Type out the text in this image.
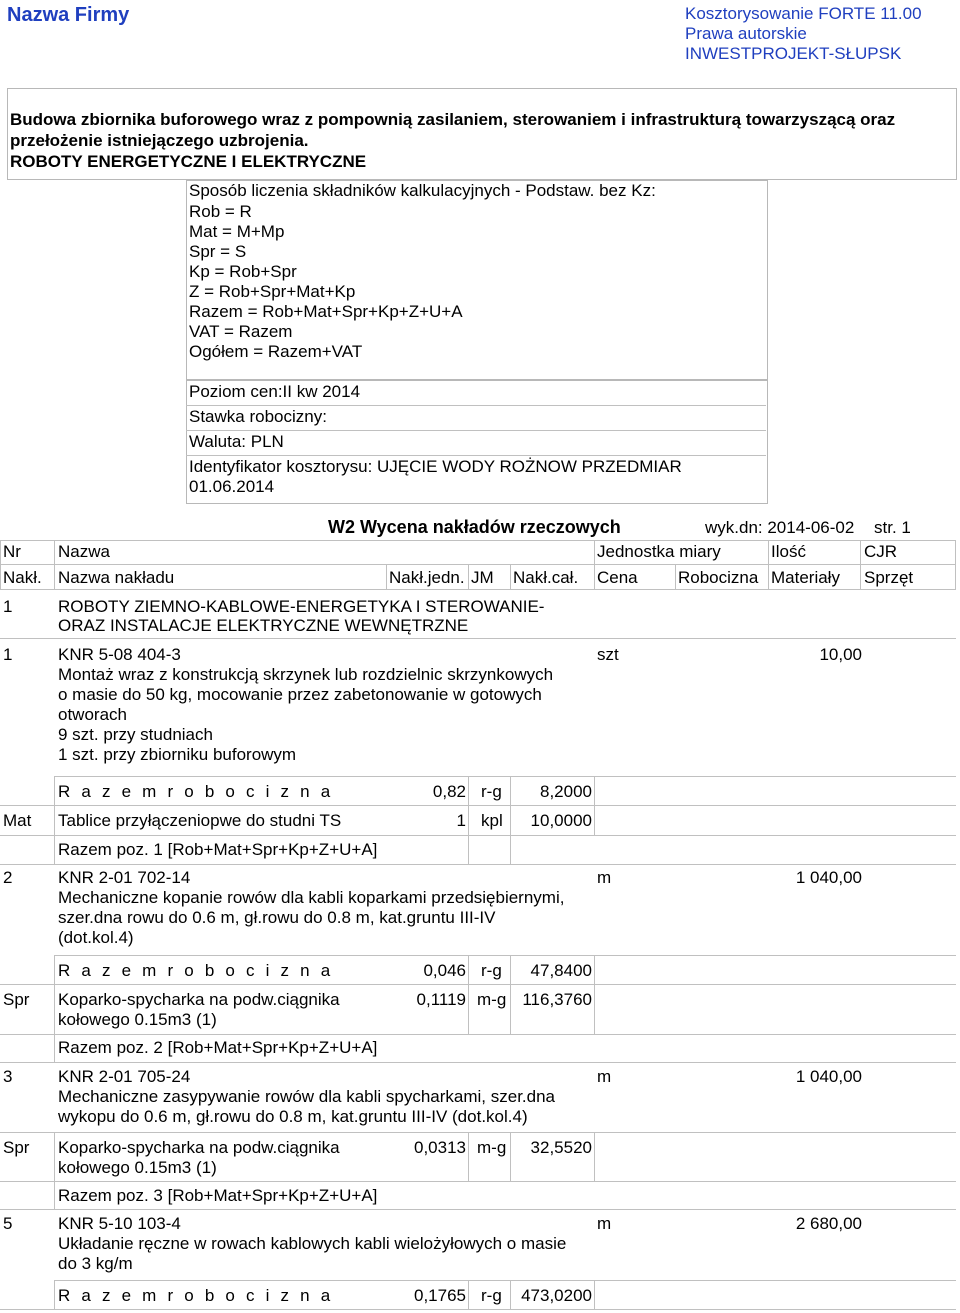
Nazwa Firmy	Kosztorysowanie FORTE 11.00
Prawa autorskie
INWESTPROJEKT-SŁUPSK
Budowa zbiornika buforowego wraz z pompownią zasilaniem, sterowaniem i infrastrukturą towarzyszącą oraz
przełożenie istniejączego uzbrojenia.
ROBOTY ENERGETYCZNE I ELEKTRYCZNE
Sposób liczenia składników kalkulacyjnych - Podstaw. bez Kz:
Rob = R
Mat = M+Mp
Spr = S
Kp = Rob+Spr
Z = Rob+Spr+Mat+Kp
Razem = Rob+Mat+Spr+Kp+Z+U+A
VAT = Razem
Ogółem = Razem+VAT
Poziom cen:II kw 2014
Stawka robocizny:
Waluta: PLN
Identyfikator kosztorysu: UJĘCIE WODY ROŻNOW PRZEDMIAR
01.06.2014
W2 Wycena nakładów rzeczowych	wyk.dn: 2014-06-02 str. 1
Nr Nazwa	Jednostka miary	Ilość	CJR
Nakł. Nazwa nakładu	Nakł.jedn. JM Nakł.cał. Cena Robocizna Materiały Sprzęt
1	ROBOTY ZIEMNO-KABLOWE-ENERGETYKA I STEROWANIE-
ORAZ INSTALACJE ELEKTRYCZNE WEWNĘTRZNE
1	KNR 5-08 404-3	szt	10,00
Montaż wraz z konstrukcją skrzynek lub rozdzielnic skrzynkowych
o masie do 50 kg, mocowanie przez zabetonowanie w gotowych
otworach
9 szt. przy studniach
1 szt. przy zbiorniku buforowym
R a z e m r o b o c i z n a	0,82 r-g	8,2000
Mat Tablice przyłączeniopwe do studni TS	1 kpl	10,0000
Razem poz. 1 [Rob+Mat+Spr+Kp+Z+U+A]
2	KNR 2-01 702-14	m	1 040,00
Mechaniczne kopanie rowów dla kabli koparkami przedsiębiernymi,
szer.dna rowu do 0.6 m, gł.rowu do 0.8 m, kat.gruntu III-IV
(dot.kol.4)
R a z e m r o b o c i z n a	0,046 r-g	47,8400
Spr Koparko-spycharka na podw.ciągnika
kołowego 0.15m3 (1)
0,1119 m-g 116,3760
Razem poz. 2 [Rob+Mat+Spr+Kp+Z+U+A]
3	KNR 2-01 705-24	m	1 040,00
Mechaniczne zasypywanie rowów dla kabli spycharkami, szer.dna
wykopu do 0.6 m, gł.rowu do 0.8 m, kat.gruntu III-IV (dot.kol.4)
Spr Koparko-spycharka na podw.ciągnika
kołowego 0.15m3 (1)
0,0313 m-g	32,5520
Razem poz. 3 [Rob+Mat+Spr+Kp+Z+U+A]
5	KNR 5-10 103-4	m	2 680,00
Układanie ręczne w rowach kablowych kabli wielożyłowych o masie
do 3 kg/m
R a z e m r o b o c i z n a	0,1765 r-g	473,0200
